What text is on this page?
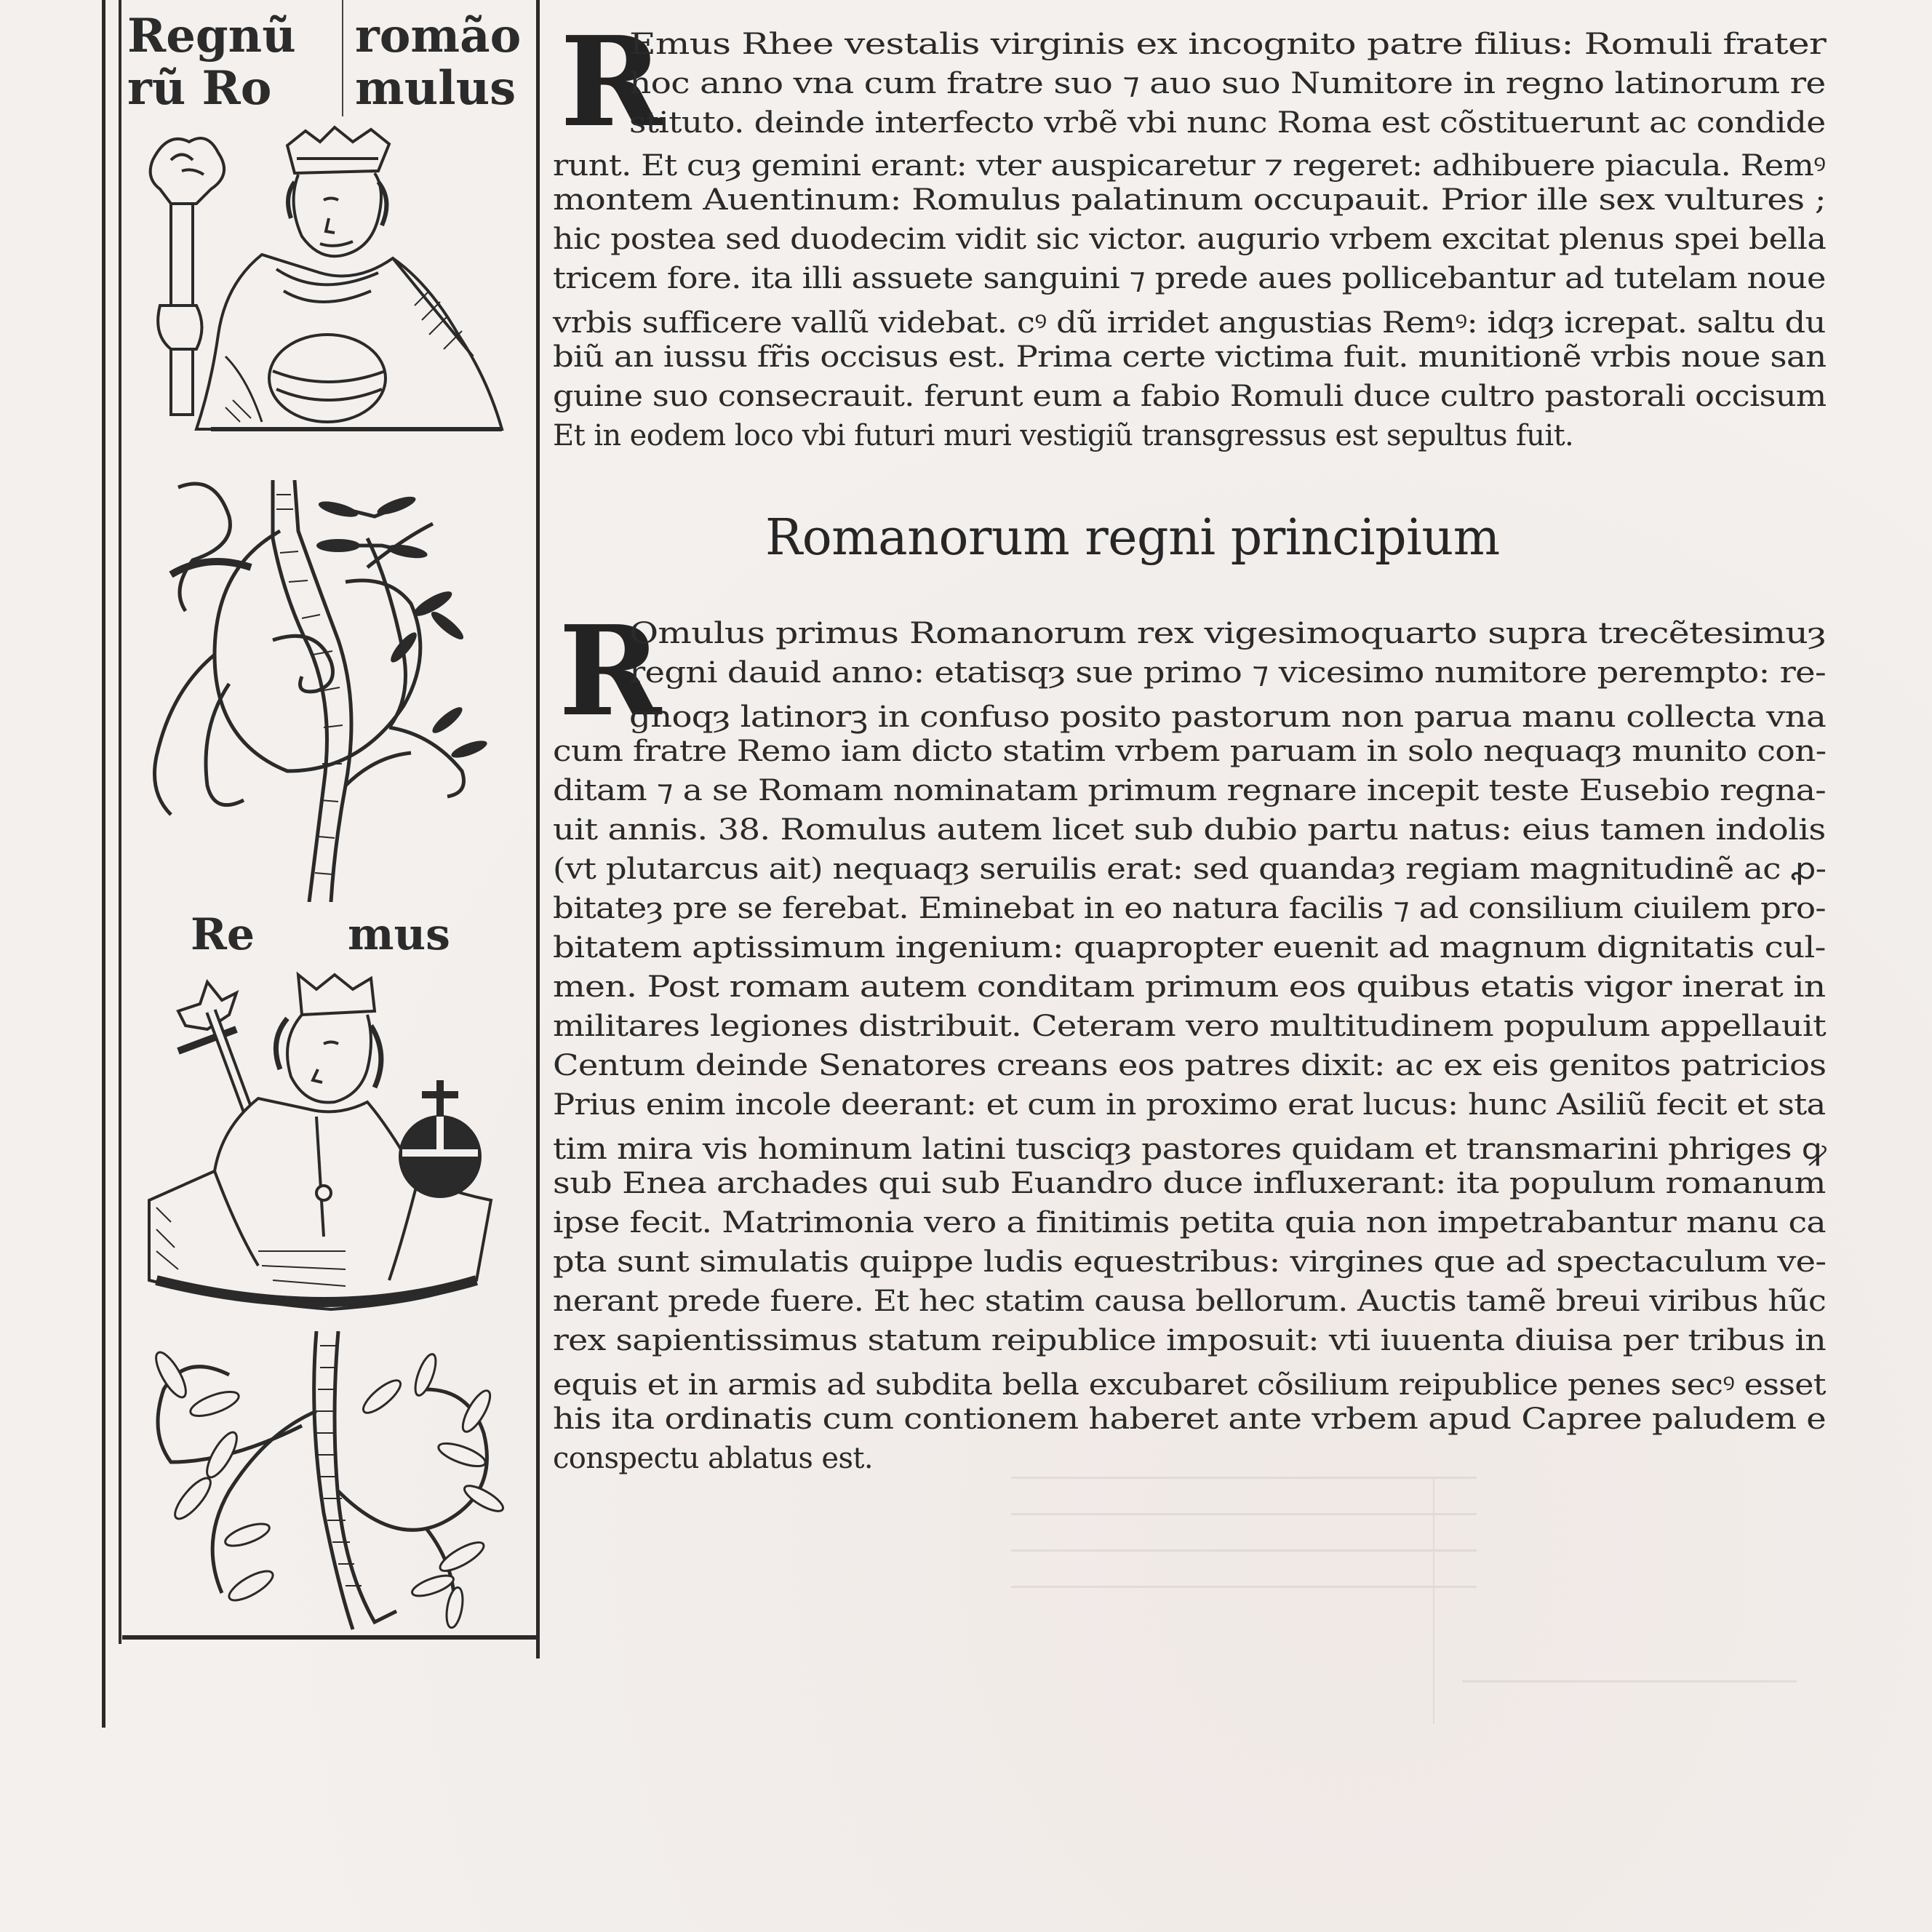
Regnũ
rũ Ro
romão
mulus
Re mus
R
Emus Rhee vestalis virginis ex incognito patre filius: Romuli frater
hoc anno vna cum fratre suo ⁊ auo suo Numitore in regno latinorum re
stituto. deinde interfecto vrbẽ vbi nunc Roma est cõstituerunt ac condide
runt. Et cuȝ gemini erant: vter auspicaretur ⁊ regeret: adhibuere piacula. Remꝰ
montem Auentinum: Romulus palatinum occupauit. Prior ille sex vultures ;
hic postea sed duodecim vidit sic victor. augurio vrbem excitat plenus spei bella
tricem fore. ita illi assuete sanguini ⁊ prede aues pollicebantur ad tutelam noue
vrbis sufficere vallũ videbat. cꝰ dũ irridet angustias Remꝰ: idqȝ icrepat. saltu du
biũ an iussu fr̃is occisus est. Prima certe victima fuit. munitionẽ vrbis noue san
guine suo consecrauit. ferunt eum a fabio Romuli duce cultro pastorali occisum
Et in eodem loco vbi futuri muri vestigiũ transgressus est sepultus fuit.
Romanorum regni principium
R
Omulus primus Romanorum rex vigesimoquarto supra trecẽtesimuȝ
regni dauid anno: etatisqȝ sue primo ⁊ vicesimo numitore perempto: re-
gnoqȝ latinorꝫ in confuso posito pastorum non parua manu collecta vna
cum fratre Remo iam dicto statim vrbem paruam in solo nequaqȝ munito con-
ditam ⁊ a se Romam nominatam primum regnare incepit teste Eusebio regna-
uit annis. 38. Romulus autem licet sub dubio partu natus: eius tamen indolis
(vt plutarcus ait) nequaqȝ seruilis erat: sed quandaȝ regiam magnitudinẽ ac ꝓ-
bitateȝ pre se ferebat. Eminebat in eo natura facilis ⁊ ad consilium ciuilem pro-
bitatem aptissimum ingenium: quapropter euenit ad magnum dignitatis cul-
men. Post romam autem conditam primum eos quibus etatis vigor inerat in
militares legiones distribuit. Ceteram vero multitudinem populum appellauit
Centum deinde Senatores creans eos patres dixit: ac ex eis genitos patricios
Prius enim incole deerant: et cum in proximo erat lucus: hunc Asiliũ fecit et sta
tim mira vis hominum latini tusciqȝ pastores quidam et transmarini phriges ꝙ
sub Enea archades qui sub Euandro duce influxerant: ita populum romanum
ipse fecit. Matrimonia vero a finitimis petita quia non impetrabantur manu ca
pta sunt simulatis quippe ludis equestribus: virgines que ad spectaculum ve-
nerant prede fuere. Et hec statim causa bellorum. Auctis tamẽ breui viribus hũc
rex sapientissimus statum reipublice imposuit: vti iuuenta diuisa per tribus in
equis et in armis ad subdita bella excubaret cõsilium reipublice penes secꝰ esset
his ita ordinatis cum contionem haberet ante vrbem apud Capree paludem e
conspectu ablatus est.
